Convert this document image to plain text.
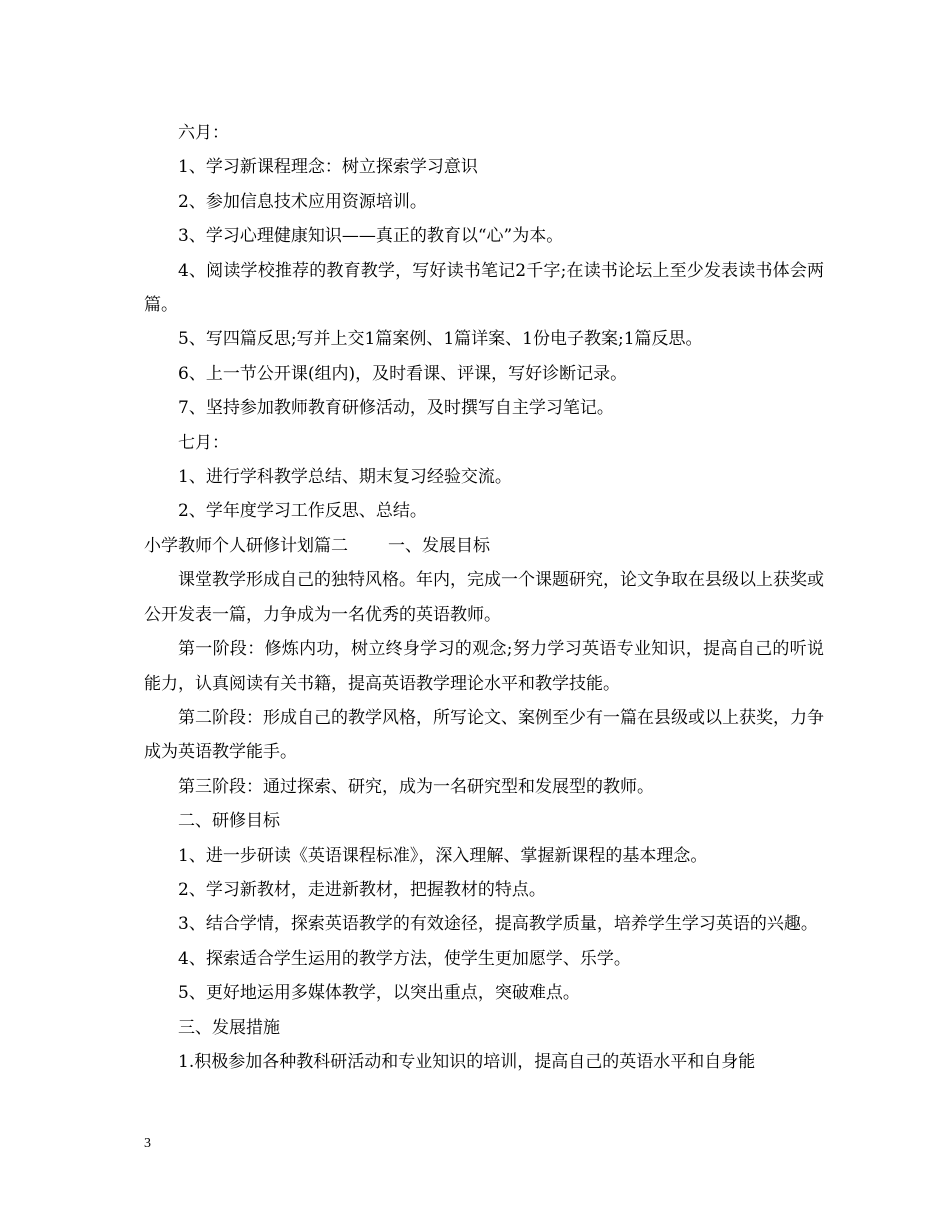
六月：

1、学习新课程理念：树立探索学习意识

2、参加信息技术应用资源培训。

3、学习心理健康知识——真正的教育以“心”为本。

4、阅读学校推荐的教育教学，写好读书笔记2千字;在读书论坛上至少发表读书体会两篇。

5、写四篇反思;写并上交1篇案例、1篇详案、1份电子教案;1篇反思。

6、上一节公开课(组内)，及时看课、评课，写好诊断记录。

7、坚持参加教师教育研修活动，及时撰写自主学习笔记。

七月：

1、进行学科教学总结、期末复习经验交流。

2、学年度学习工作反思、总结。

小学教师个人研修计划篇二 一、发展目标

课堂教学形成自己的独特风格。年内，完成一个课题研究，论文争取在县级以上获奖或公开发表一篇，力争成为一名优秀的英语教师。

第一阶段：修炼内功，树立终身学习的观念;努力学习英语专业知识，提高自己的听说能力，认真阅读有关书籍，提高英语教学理论水平和教学技能。

第二阶段：形成自己的教学风格，所写论文、案例至少有一篇在县级或以上获奖，力争成为英语教学能手。

第三阶段：通过探索、研究，成为一名研究型和发展型的教师。

二、研修目标

1、进一步研读《英语课程标准》，深入理解、掌握新课程的基本理念。

2、学习新教材，走进新教材，把握教材的特点。

3、结合学情，探索英语教学的有效途径，提高教学质量，培养学生学习英语的兴趣。

4、探索适合学生运用的教学方法，使学生更加愿学、乐学。

5、更好地运用多媒体教学，以突出重点，突破难点。

三、发展措施

1.积极参加各种教科研活动和专业知识的培训，提高自己的英语水平和自身能

3
